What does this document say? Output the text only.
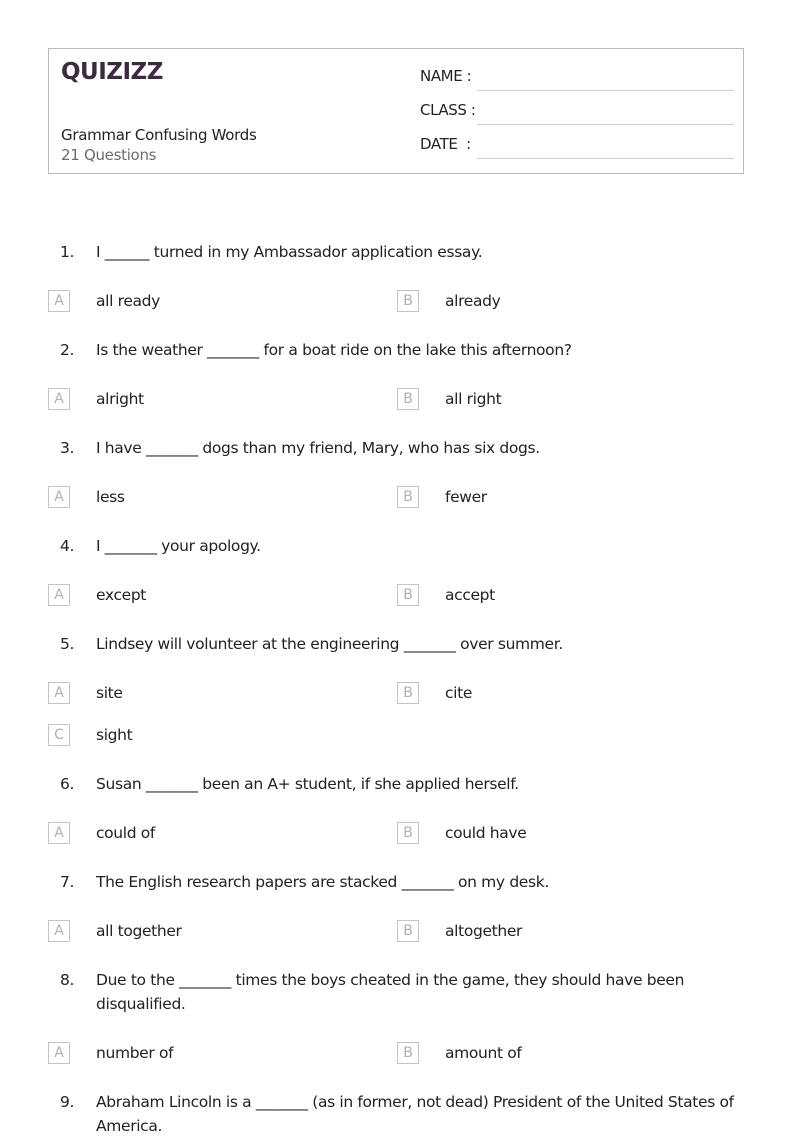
QUIZIZZ
Grammar Confusing Words
21 Questions
NAME :
CLASS :
DATE  :
1. I ______ turned in my Ambassador application essay.
A	all ready	B	already
2. Is the weather _______ for a boat ride on the lake this afternoon?
A	alright	B	all right
3. I have _______ dogs than my friend, Mary, who has six dogs.
A	less	B	fewer
4. I _______ your apology.
A	except	B	accept
5. Lindsey will volunteer at the engineering _______ over summer.
A	site	B	cite
C	sight
6. Susan _______ been an A+ student, if she applied herself.
A	could of	B	could have
7. The English research papers are stacked _______ on my desk.
A	all together	B	altogether
8. Due to the _______ times the boys cheated in the game, they should have been disqualified.
A	number of	B	amount of
9. Abraham Lincoln is a _______ (as in former, not dead) President of the United States of America.
